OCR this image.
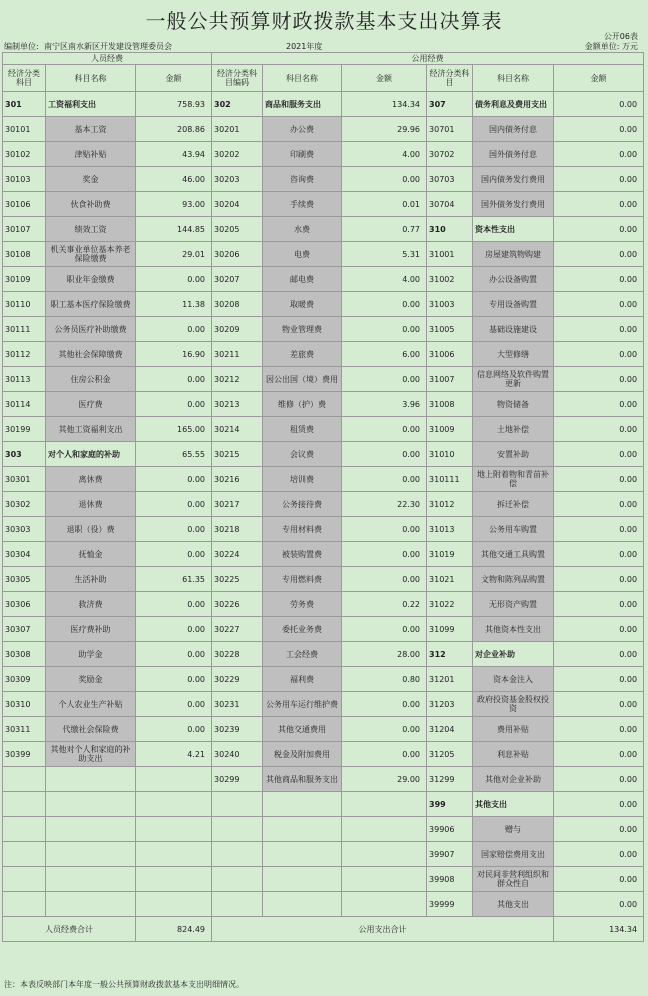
一般公共预算财政拨款基本支出决算表
公开06表
编制单位: 南宁区南水新区开发建设管理委员会	2021年度	金额单位: 万元
人员经费			公用经费					
经济分类科目	科目名称	金额	经济分类科目编码	科目名称	金额	经济分类科目	科目名称	金额
301	工资福利支出	758.93	302	商品和服务支出	134.34	307	债务利息及费用支出	0.00
30101	基本工资	208.86	30201	办公费	29.96	30701	国内债务付息	0.00
30102	津贴补贴	43.94	30202	印刷费	4.00	30702	国外债务付息	0.00
30103	奖金	46.00	30203	咨询费	0.00	30703	国内债务发行费用	0.00
30106	伙食补助费	93.00	30204	手续费	0.01	30704	国外债务发行费用	0.00
30107	绩效工资	144.85	30205	水费	0.77	310	资本性支出	0.00
30108	机关事业单位基本养老保险缴费	29.01	30206	电费	5.31	31001	房屋建筑物购建	0.00
30109	职业年金缴费	0.00	30207	邮电费	4.00	31002	办公设备购置	0.00
30110	职工基本医疗保险缴费	11.38	30208	取暖费	0.00	31003	专用设备购置	0.00
30111	公务员医疗补助缴费	0.00	30209	物业管理费	0.00	31005	基础设施建设	0.00
30112	其他社会保障缴费	16.90	30211	差旅费	6.00	31006	大型修缮	0.00
30113	住房公积金	0.00	30212	因公出国（境）费用	0.00	31007	信息网络及软件购置更新	0.00
30114	医疗费	0.00	30213	维修（护）费	3.96	31008	物资储备	0.00
30199	其他工资福利支出	165.00	30214	租赁费	0.00	31009	土地补偿	0.00
303	对个人和家庭的补助	65.55	30215	会议费	0.00	31010	安置补助	0.00
30301	离休费	0.00	30216	培训费	0.00	310111	地上附着物和青苗补偿	0.00
30302	退休费	0.00	30217	公务接待费	22.30	31012	拆迁补偿	0.00
30303	退职（役）费	0.00	30218	专用材料费	0.00	31013	公务用车购置	0.00
30304	抚恤金	0.00	30224	被装购置费	0.00	31019	其他交通工具购置	0.00
30305	生活补助	61.35	30225	专用燃料费	0.00	31021	文物和陈列品购置	0.00
30306	救济费	0.00	30226	劳务费	0.22	31022	无形资产购置	0.00
30307	医疗费补助	0.00	30227	委托业务费	0.00	31099	其他资本性支出	0.00
30308	助学金	0.00	30228	工会经费	28.00	312	对企业补助	0.00
30309	奖励金	0.00	30229	福利费	0.80	31201	资本金注入	0.00
30310	个人农业生产补贴	0.00	30231	公务用车运行维护费	0.00	31203	政府投资基金股权投资	0.00
30311	代缴社会保险费	0.00	30239	其他交通费用	0.00	31204	费用补贴	0.00
30399	其他对个人和家庭的补助支出	4.21	30240	税金及附加费用	0.00	31205	利息补贴	0.00
			30299	其他商品和服务支出	29.00	31299	其他对企业补助	0.00
						399	其他支出	0.00
						39906	赠与	0.00
						39907	国家赔偿费用支出	0.00
						39908	对民间非营利组织和群众性自	0.00
						39999	其他支出	0.00
人员经费合计		824.49	公用支出合计					134.34
注：本表反映部门本年度一般公共预算财政拨款基本支出明细情况。
